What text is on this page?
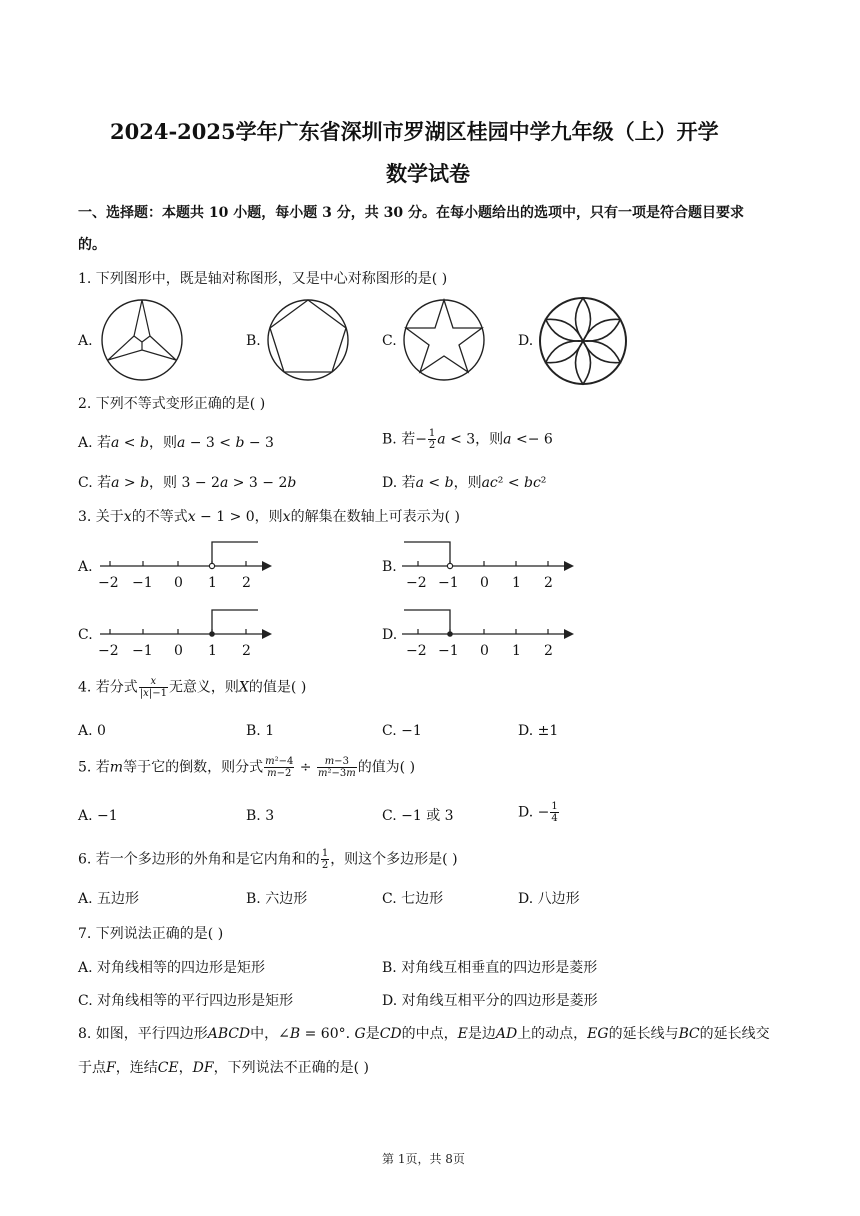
2024-2025学年广东省深圳市罗湖区桂园中学九年级（上）开学
数学试卷
一、选择题：本题共 10 小题，每小题 3 分，共 30 分。在每小题给出的选项中，只有一项是符合题目要求
的。
1. 下列图形中，既是轴对称图形，又是中心对称图形的是( )
A.	B.	C.	D.
2. 下列不等式变形正确的是( )
A. 若𝑎 < 𝑏，则𝑎 − 3 < 𝑏 − 3	B. 若− $\frac{1}{2}$ 𝑎 < 3，则𝑎 <− 6
C. 若𝑎 > 𝑏，则 3 − 2𝑎 > 3 − 2𝑏	D. 若𝑎 < 𝑏，则𝑎𝑐² < 𝑏𝑐²
3. 关于𝑥的不等式𝑥 − 1 > 0，则𝑥的解集在数轴上可表示为( )
A.	B.
C.	D.
−2 −1 0 1 2	−2 −1 0 1 2
−2 −1 0 1 2	−2 −1 0 1 2
4. 若分式 $\frac{\text{𝑥}}{\text{|𝑥|−1}}$ 无意义，则𝑋的值是( )
A. 0	B. 1	C. −1	D. ±1
5. 若𝑚等于它的倒数，则分式 $\frac{\text{𝑚²−4}}{\text{𝑚−2}} \div \frac{\text{𝑚−3}}{\text{𝑚²−3𝑚}}$ 的值为( )
A. −1	B. 3	C. −1 或 3	D. − $\frac{1}{4}$
6. 若一个多边形的外角和是它内角和的 $\frac{1}{2}$ ，则这个多边形是( )
A. 五边形	B. 六边形	C. 七边形	D. 八边形
7. 下列说法正确的是( )
A. 对角线相等的四边形是矩形	B. 对角线互相垂直的四边形是菱形
C. 对角线相等的平行四边形是矩形	D. 对角线互相平分的四边形是菱形
8. 如图，平行四边形𝐴𝐵𝐶𝐷中，∠𝐵 = 60°. 𝐺是𝐶𝐷的中点，𝐸是边𝐴𝐷上的动点，𝐸𝐺的延长线与𝐵𝐶的延长线交
于点𝐹，连结𝐶𝐸，𝐷𝐹，下列说法不正确的是( )
第 1页，共 8页
